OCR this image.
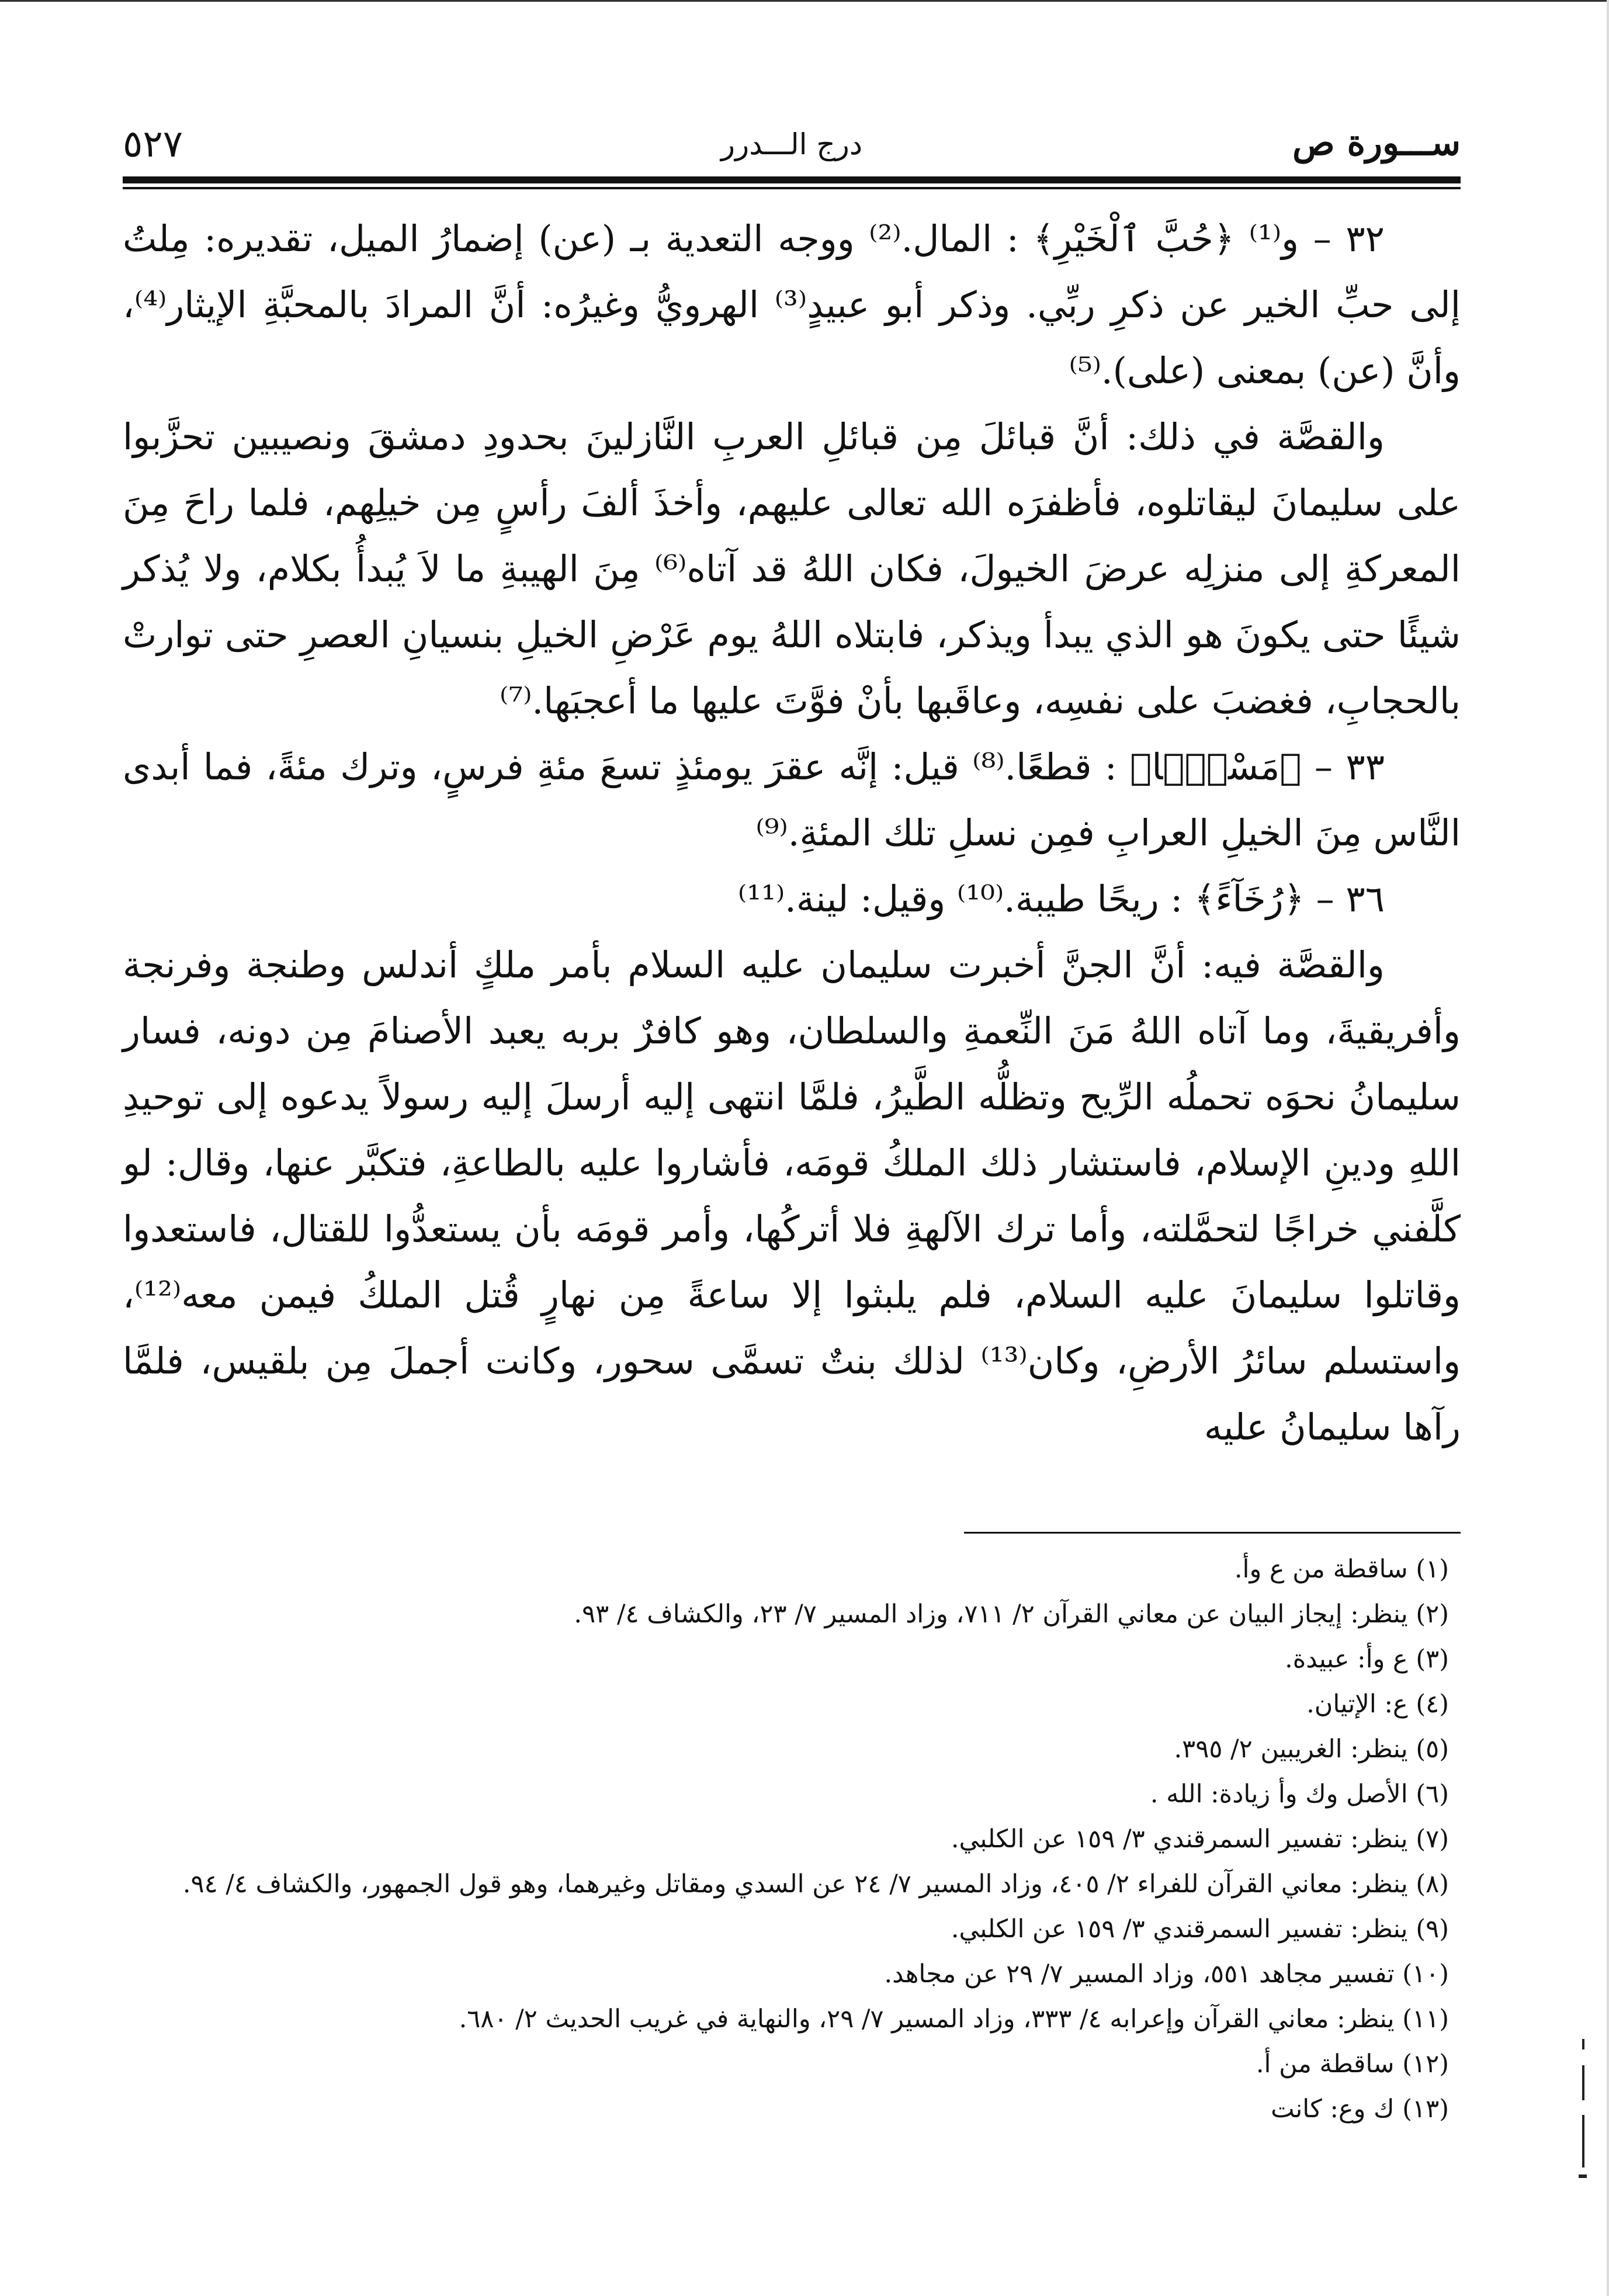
٥٢٧	درج الـــدرر	ســـورة ص

٣٢ – و⁽¹⁾ ﴿حُبَّ ٱلْخَيْرِ﴾ : المال.⁽²⁾ ووجه التعدية بـ (عن) إضمارُ الميل، تقديره: مِلتُ إلى حبِّ الخير عن ذكرِ ربِّي. وذكر أبو عبيدٍ⁽³⁾ الهرويُّ وغيرُه: أنَّ المرادَ بالمحبَّةِ الإيثار⁽⁴⁾، وأنَّ (عن) بمعنى (على).⁽⁵⁾

والقصَّة في ذلك: أنَّ قبائلَ مِن قبائلِ العربِ النَّازلينَ بحدودِ دمشقَ ونصيبين تحزَّبوا على سليمانَ ليقاتلوه، فأظفرَه الله تعالى عليهم، وأخذَ ألفَ رأسٍ مِن خيلِهم، فلما راحَ مِنَ المعركةِ إلى منزلِه عرضَ الخيولَ، فكان اللهُ قد آتاه⁽⁶⁾ مِنَ الهيبةِ ما لاَ يُبدأُ بكلام، ولا يُذكر شيئًا حتى يكونَ هو الذي يبدأ ويذكر، فابتلاه اللهُ يوم عَرْضِ الخيلِ بنسيانِ العصرِ حتى توارتْ بالحجابِ، فغضبَ على نفسِه، وعاقَبها بأنْ فوَّتَ عليها ما أعجبَها.⁽⁷⁾

٣٣ – ﴿مَسْحًۢا﴾ : قطعًا.⁽⁸⁾ قيل: إنَّه عقرَ يومئذٍ تسعَ مئةِ فرسٍ، وترك مئةً، فما أبدى النَّاس مِنَ الخيلِ العرابِ فمِن نسلِ تلك المئةِ.⁽⁹⁾

٣٦ – ﴿رُخَآءً﴾ : ريحًا طيبة.⁽¹⁰⁾ وقيل: لينة.⁽¹¹⁾

والقصَّة فيه: أنَّ الجنَّ أخبرت سليمان عليه السلام بأمر ملكٍ أندلس وطنجة وفرنجة وأفريقيةَ، وما آتاه اللهُ مَنَ النِّعمةِ والسلطان، وهو كافرٌ بربه يعبد الأصنامَ مِن دونه، فسار سليمانُ نحوَه تحملُه الرِّيح وتظلُّه الطَّيرُ، فلمَّا انتهى إليه أرسلَ إليه رسولاً يدعوه إلى توحيدِ اللهِ ودينِ الإسلام، فاستشار ذلك الملكُ قومَه، فأشاروا عليه بالطاعةِ، فتكبَّر عنها، وقال: لو كلَّفني خراجًا لتحمَّلته، وأما ترك الآلهةِ فلا أتركُها، وأمر قومَه بأن يستعدُّوا للقتال، فاستعدوا وقاتلوا سليمانَ عليه السلام، فلم يلبثوا إلا ساعةً مِن نهارٍ قُتل الملكُ فيمن معه⁽¹²⁾، واستسلم سائرُ الأرضِ، وكان⁽¹³⁾ لذلك بنتٌ تسمَّى سحور، وكانت أجملَ مِن بلقيس، فلمَّا رآها سليمانُ عليه

(١) ساقطة من ع وأ.
(٢) ينظر: إيجاز البيان عن معاني القرآن ٢/ ٧١١، وزاد المسير ٧/ ٢٣، والكشاف ٤/ ٩٣.
(٣) ع وأ: عبيدة.
(٤) ع: الإتيان.
(٥) ينظر: الغريبين ٢/ ٣٩٥.
(٦) الأصل وك وأ زيادة: الله .
(٧) ينظر: تفسير السمرقندي ٣/ ١٥٩ عن الكلبي.
(٨) ينظر: معاني القرآن للفراء ٢/ ٤٠٥، وزاد المسير ٧/ ٢٤ عن السدي ومقاتل وغيرهما، وهو قول الجمهور، والكشاف ٤/ ٩٤.
(٩) ينظر: تفسير السمرقندي ٣/ ١٥٩ عن الكلبي.
(١٠) تفسير مجاهد ٥٥١، وزاد المسير ٧/ ٢٩ عن مجاهد.
(١١) ينظر: معاني القرآن وإعرابه ٤/ ٣٣٣، وزاد المسير ٧/ ٢٩، والنهاية في غريب الحديث ٢/ ٦٨٠.
(١٢) ساقطة من أ.
(١٣) ك وع: كانت
